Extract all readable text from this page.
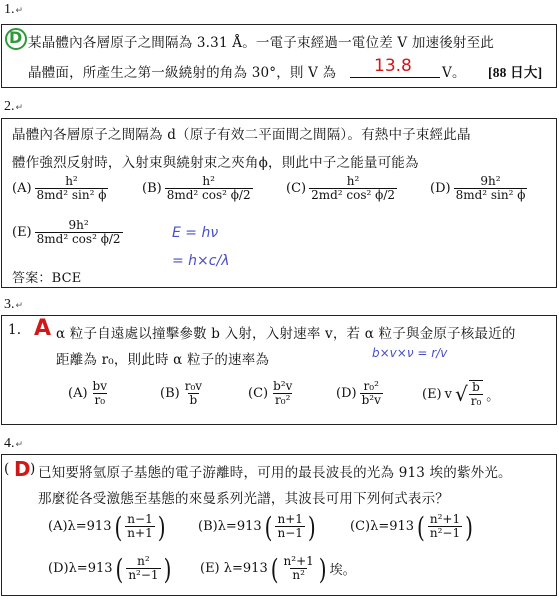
1.↵
D 某晶體內各層原子之間隔為 3.31 Å。一電子束經過一電位差 V 加速後射至此
晶體面，所產生之第一級繞射的角為 30°，則 V 為 13.8 V。 [88 日大]
2.↵
晶體內各層原子之間隔為 d（原子有效二平面間之間隔）。有熱中子束經此晶
體作強烈反射時，入射束與繞射束之夾角ϕ，則此中子之能量可能為
$(A) \frac{\text{h²}}{\text{8md² sin² ϕ}}$	$(B) \frac{\text{h²}}{\text{8md² cos² ϕ/2}}$	$(C) \frac{\text{h²}}{\text{2md² cos² ϕ/2}}$	$(D) \frac{\text{9h²}}{\text{8md² sin² ϕ}}$
$(E) \frac{\text{9h²}}{\text{8md² cos² ϕ/2}}$	E = hν
= h×c/λ
答案：BCE
3.↵
1. A α 粒子自遠處以撞擊參數 b 入射，入射速率 v，若 α 粒子與金原子核最近的
距離為 r₀，則此時 α 粒子的速率為	b×v×ν = r/v
$(A) \frac{bv}{\text{r₀}}$	$(B) \frac{\text{r₀v}}{b}$	$(C) \frac{\text{b²v}}{\text{r₀²}}$	$(D) \frac{\text{r₀²}}{\text{b²v}}$	(E) v √ $\frac{b}{\text{r₀}}$ 。
4.↵
( D ) 已知要將氫原子基態的電子游離時，可用的最長波長的光為 913 埃的紫外光。
那麼從各受激態至基態的來曼系列光譜，其波長可用下列何式表示？
(A)λ=913 ( $\frac{n-1}{n+1}$ ) (B)λ=913 ( $\frac{n+1}{n-1}$ )	(C)λ=913 ( $\frac{\text{n²+1}}{\text{n²−1}}$ )
(D)λ=913 ( $\frac{\text{n²}}{\text{n²−1}}$ ) (E) λ=913 ( $\frac{\text{n²+1}}{\text{n²}}$ ) 埃。
